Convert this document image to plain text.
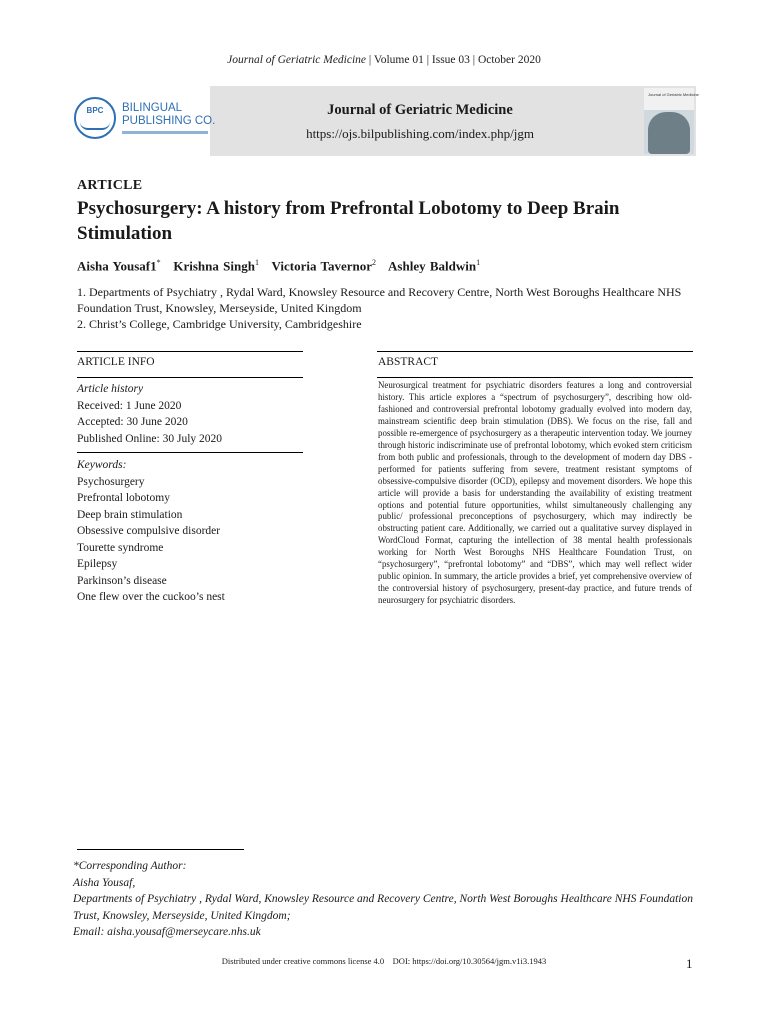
Journal of Geriatric Medicine | Volume 01 | Issue 03 | October 2020
BPC	BILINGUAL
PUBLISHING CO.
Journal of Geriatric Medicine
https://ojs.bilpublishing.com/index.php/jgm
Journal of Geriatric Medicine
ARTICLE
Psychosurgery: A history from Prefrontal Lobotomy to Deep Brain Stimulation
Aisha Yousaf1* Krishna Singh$^1$ Victoria Tavernor$^2$ Ashley Baldwin$^1$
1. Departments of Psychiatry , Rydal Ward, Knowsley Resource and Recovery Centre, North West Boroughs Healthcare NHS Foundation Trust, Knowsley, Merseyside, United Kingdom
2. Christ’s College, Cambridge University, Cambridgeshire
ARTICLE INFO	ABSTRACT
Article history
Received: 1 June 2020
Accepted: 30 June 2020
Published Online: 30 July 2020
Keywords:
Psychosurgery
Prefrontal lobotomy
Deep brain stimulation
Obsessive compulsive disorder
Tourette syndrome
Epilepsy
Parkinson’s disease
One flew over the cuckoo’s nest
Neurosurgical treatment for psychiatric disorders features a long and controversial history. This article explores a “spectrum of psychosurgery”, describing how old-fashioned and controversial prefrontal lobotomy gradually evolved into modern day, mainstream scientific deep brain stimulation (DBS). We focus on the rise, fall and possible re-emergence of psychosurgery as a therapeutic intervention today. We journey through historic indiscriminate use of prefrontal lobotomy, which evoked stern criticism from both public and professionals, through to the development of modern day DBS - performed for patients suffering from severe, treatment resistant symptoms of obsessive-compulsive disorder (OCD), epilepsy and movement disorders. We hope this article will provide a basis for understanding the availability of existing treatment options and potential future opportunities, whilst simultaneously challenging any public/ professional preconceptions of psychosurgery, which may indirectly be obstructing patient care. Additionally, we carried out a qualitative survey displayed in WordCloud Format, capturing the intellection of 38 mental health professionals working for North West Boroughs NHS Healthcare Foundation Trust, on “psychosurgery”, “prefrontal lobotomy” and “DBS”, which may well reflect wider public opinion. In summary, the article provides a brief, yet comprehensive overview of the controversial history of psychosurgery, present-day practice, and future trends of neurosurgery for psychiatric disorders.
*Corresponding Author:
Aisha Yousaf,
Departments of Psychiatry , Rydal Ward, Knowsley Resource and Recovery Centre, North West Boroughs Healthcare NHS Foundation Trust, Knowsley, Merseyside, United Kingdom;
Email: aisha.yousaf@merseycare.nhs.uk
Distributed under creative commons license 4.0 DOI: https://doi.org/10.30564/jgm.v1i3.1943	1
